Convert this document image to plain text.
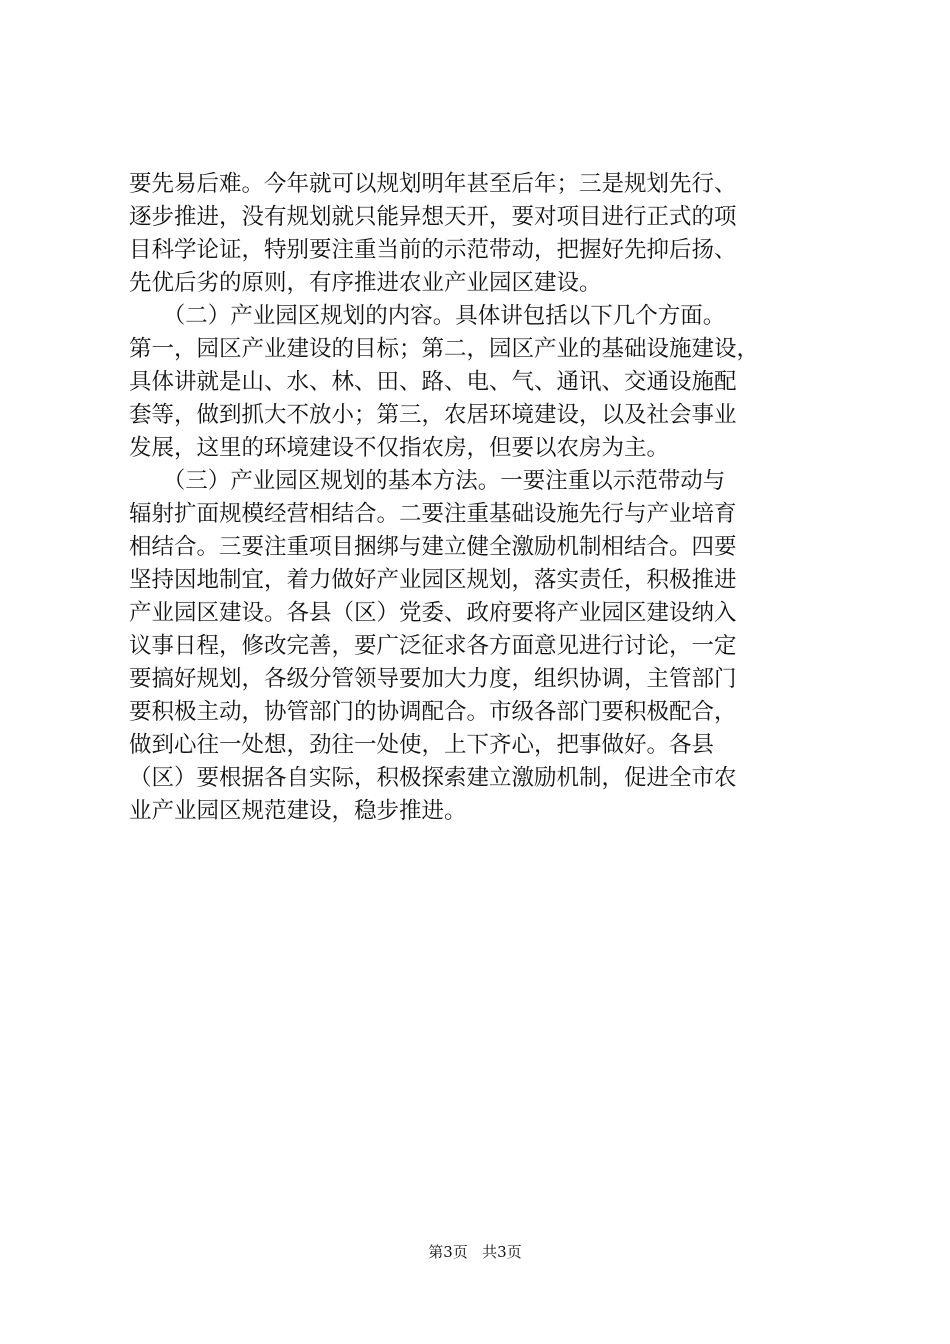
要先易后难。今年就可以规划明年甚至后年；三是规划先行、
逐步推进，没有规划就只能异想天开，要对项目进行正式的项
目科学论证，特别要注重当前的示范带动，把握好先抑后扬、
先优后劣的原则，有序推进农业产业园区建设。
　　（二）产业园区规划的内容。具体讲包括以下几个方面。
第一，园区产业建设的目标；第二，园区产业的基础设施建设，
具体讲就是山、水、林、田、路、电、气、通讯、交通设施配
套等，做到抓大不放小；第三，农居环境建设，以及社会事业
发展，这里的环境建设不仅指农房，但要以农房为主。
　　（三）产业园区规划的基本方法。一要注重以示范带动与
辐射扩面规模经营相结合。二要注重基础设施先行与产业培育
相结合。三要注重项目捆绑与建立健全激励机制相结合。四要
坚持因地制宜，着力做好产业园区规划，落实责任，积极推进
产业园区建设。各县（区）党委、政府要将产业园区建设纳入
议事日程，修改完善，要广泛征求各方面意见进行讨论，一定
要搞好规划，各级分管领导要加大力度，组织协调，主管部门
要积极主动，协管部门的协调配合。市级各部门要积极配合，
做到心往一处想，劲往一处使，上下齐心，把事做好。各县
（区）要根据各自实际，积极探索建立激励机制，促进全市农
业产业园区规范建设，稳步推进。
第3页 共3页
